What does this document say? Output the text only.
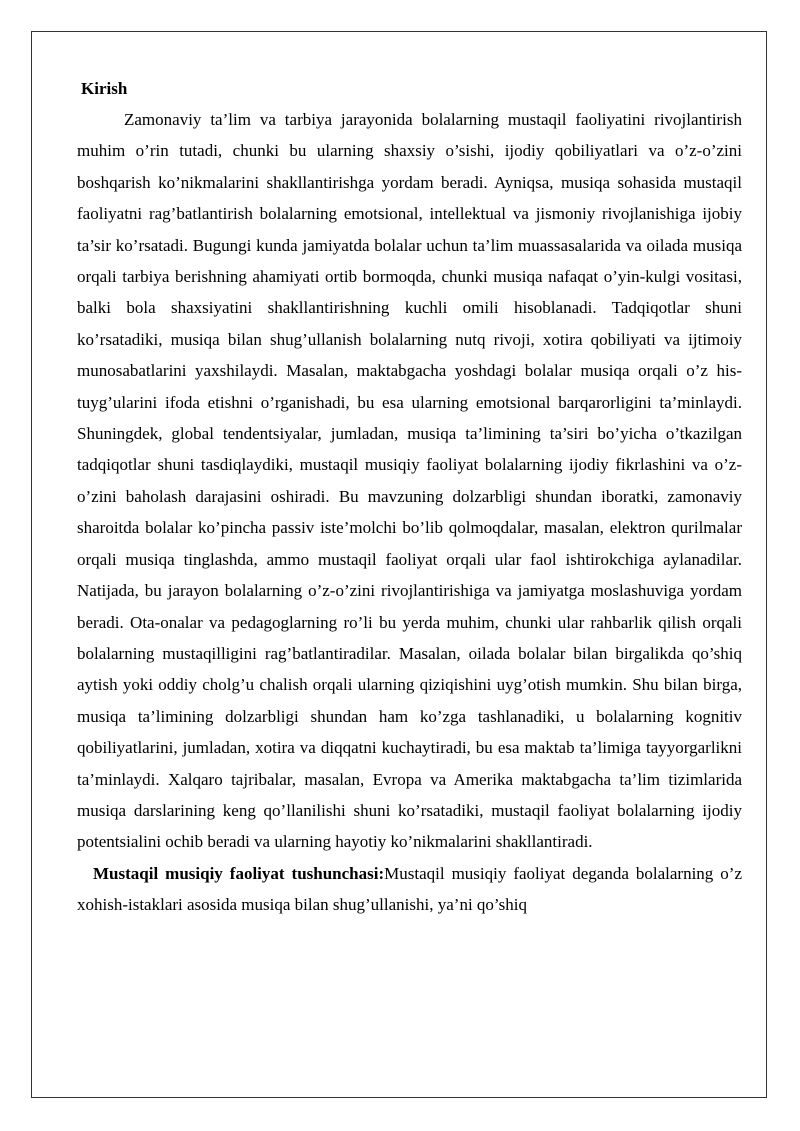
Kirish

Zamonaviy ta’lim va tarbiya jarayonida bolalarning mustaqil faoliyatini rivojlantirish muhim o’rin tutadi, chunki bu ularning shaxsiy o’sishi, ijodiy qobiliyatlari va o’z-o’zini boshqarish ko’nikmalarini shakllantirishga yordam beradi. Ayniqsa, musiqa sohasida mustaqil faoliyatni rag’batlantirish bolalarning emotsional, intellektual va jismoniy rivojlanishiga ijobiy ta’sir ko’rsatadi. Bugungi kunda jamiyatda bolalar uchun ta’lim muassasalarida va oilada musiqa orqali tarbiya berishning ahamiyati ortib bormoqda, chunki musiqa nafaqat o’yin-kulgi vositasi, balki bola shaxsiyatini shakllantirishning kuchli omili hisoblanadi. Tadqiqotlar shuni ko’rsatadiki, musiqa bilan shug’ullanish bolalarning nutq rivoji, xotira qobiliyati va ijtimoiy munosabatlarini yaxshilaydi. Masalan, maktabgacha yoshdagi bolalar musiqa orqali o’z his-tuyg’ularini ifoda etishni o’rganishadi, bu esa ularning emotsional barqarorligini ta’minlaydi. Shuningdek, global tendentsiyalar, jumladan, musiqa ta’limining ta’siri bo’yicha o’tkazilgan tadqiqotlar shuni tasdiqlaydiki, mustaqil musiqiy faoliyat bolalarning ijodiy fikrlashini va o’z-o’zini baholash darajasini oshiradi. Bu mavzuning dolzarbligi shundan iboratki, zamonaviy sharoitda bolalar ko’pincha passiv iste’molchi bo’lib qolmoqdalar, masalan, elektron qurilmalar orqali musiqa tinglashda, ammo mustaqil faoliyat orqali ular faol ishtirokchiga aylanadilar. Natijada, bu jarayon bolalarning o’z-o’zini rivojlantirishiga va jamiyatga moslashuviga yordam beradi. Ota-onalar va pedagoglarning ro’li bu yerda muhim, chunki ular rahbarlik qilish orqali bolalarning mustaqilligini rag’batlantiradilar. Masalan, oilada bolalar bilan birgalikda qo’shiq aytish yoki oddiy cholg’u chalish orqali ularning qiziqishini uyg’otish mumkin. Shu bilan birga, musiqa ta’limining dolzarbligi shundan ham ko’zga tashlanadiki, u bolalarning kognitiv qobiliyatlarini, jumladan, xotira va diqqatni kuchaytiradi, bu esa maktab ta’limiga tayyorgarlikni ta’minlaydi. Xalqaro tajribalar, masalan, Evropa va Amerika maktabgacha ta’lim tizimlarida musiqa darslarining keng qo’llanilishi shuni ko’rsatadiki, mustaqil faoliyat bolalarning ijodiy potentsialini ochib beradi va ularning hayotiy ko’nikmalarini shakllantiradi.

Mustaqil musiqiy faoliyat tushunchasi:Mustaqil musiqiy faoliyat deganda bolalarning o’z xohish-istaklari asosida musiqa bilan shug’ullanishi, ya’ni qo’shiq
